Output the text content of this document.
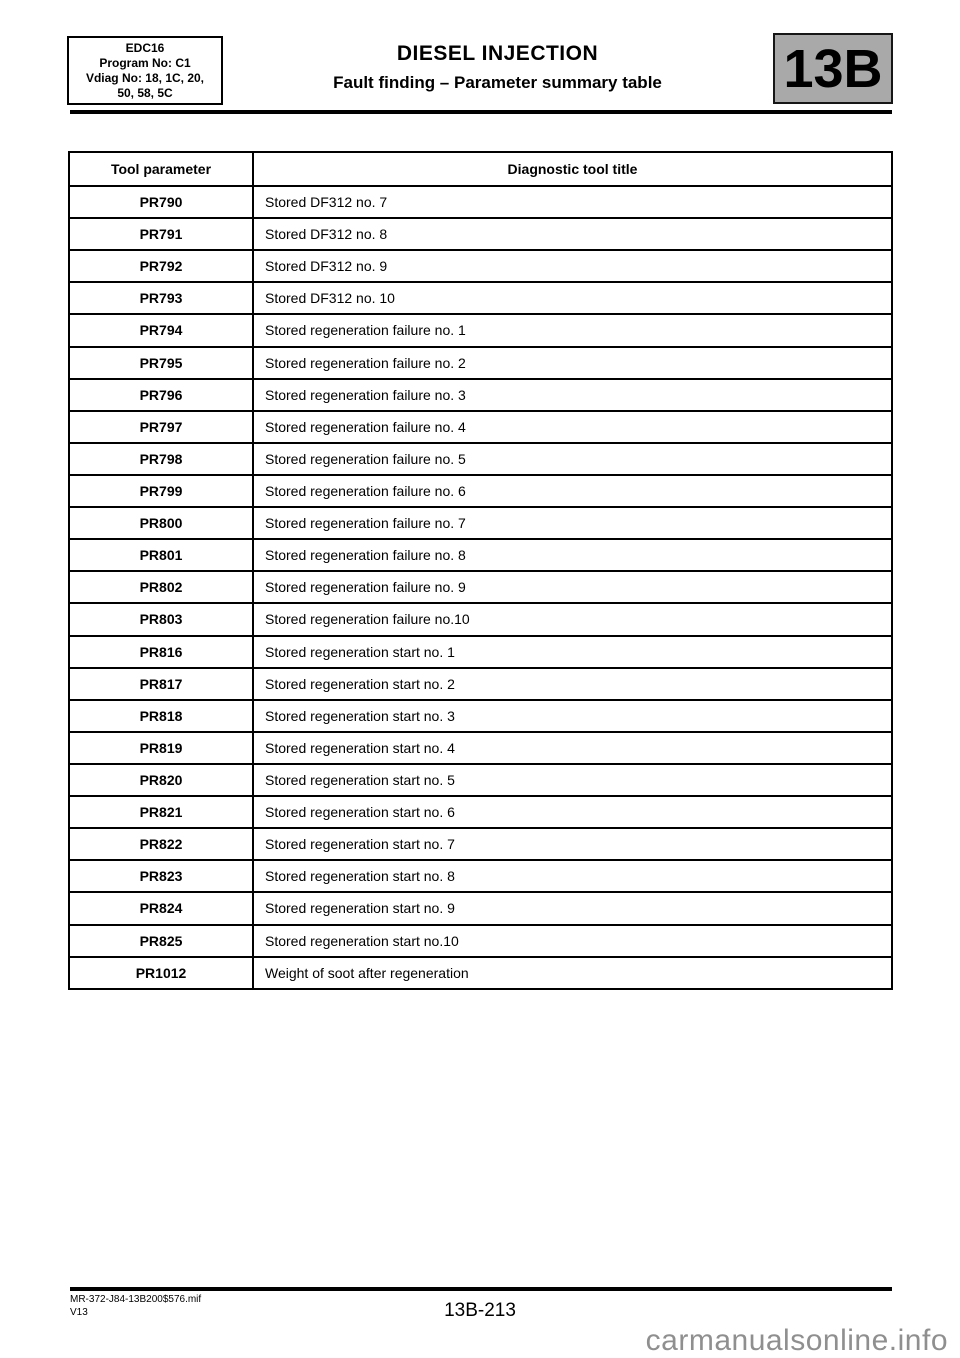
EDC16
Program No: C1
Vdiag No: 18, 1C, 20,
50, 58, 5C
DIESEL INJECTION
Fault finding – Parameter summary table	13B
Tool parameter	Diagnostic tool title
PR790	Stored DF312 no. 7
PR791	Stored DF312 no. 8
PR792	Stored DF312 no. 9
PR793	Stored DF312 no. 10
PR794	Stored regeneration failure no. 1
PR795	Stored regeneration failure no. 2
PR796	Stored regeneration failure no. 3
PR797	Stored regeneration failure no. 4
PR798	Stored regeneration failure no. 5
PR799	Stored regeneration failure no. 6
PR800	Stored regeneration failure no. 7
PR801	Stored regeneration failure no. 8
PR802	Stored regeneration failure no. 9
PR803	Stored regeneration failure no.10
PR816	Stored regeneration start no. 1
PR817	Stored regeneration start no. 2
PR818	Stored regeneration start no. 3
PR819	Stored regeneration start no. 4
PR820	Stored regeneration start no. 5
PR821	Stored regeneration start no. 6
PR822	Stored regeneration start no. 7
PR823	Stored regeneration start no. 8
PR824	Stored regeneration start no. 9
PR825	Stored regeneration start no.10
PR1012	Weight of soot after regeneration
MR-372-J84-13B200$576.mif
V13	13B-213
carmanualsonline.info
